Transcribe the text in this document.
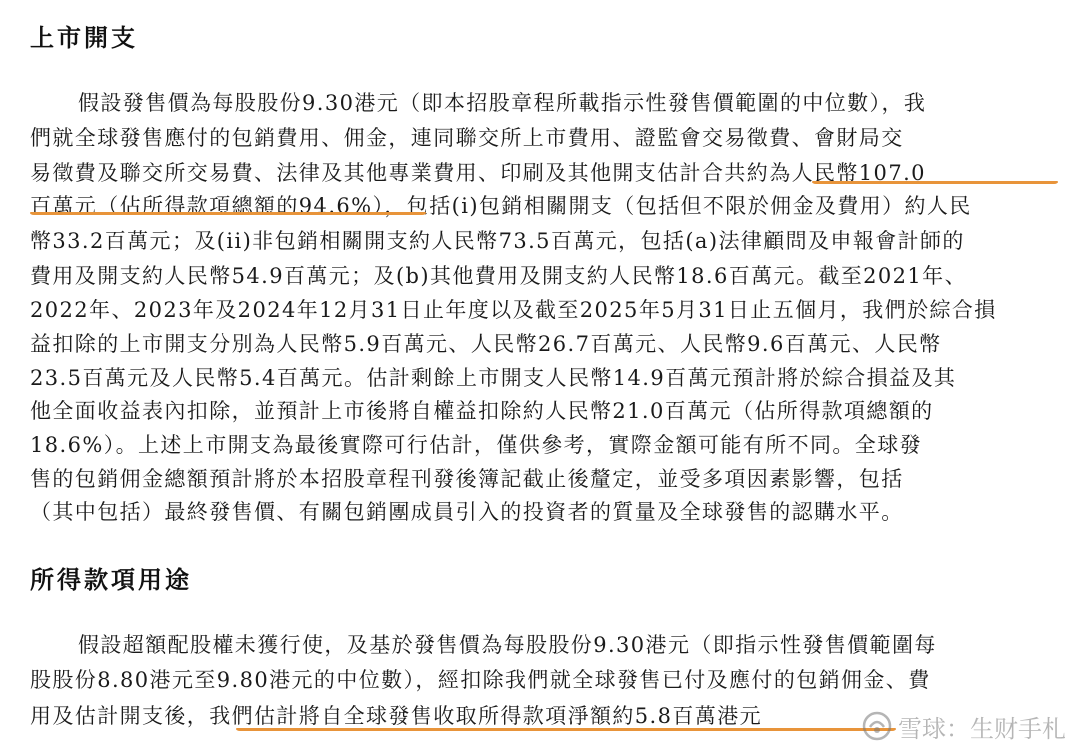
上市開支
假設發售價為每股股份9.30港元（即本招股章程所載指示性發售價範圍的中位數），我
們就全球發售應付的包銷費用、佣金，連同聯交所上市費用、證監會交易徵費、會財局交
易徵費及聯交所交易費、法律及其他專業費用、印刷及其他開支估計合共約為人民幣107.0
百萬元（佔所得款項總額的94.6%），包括(i)包銷相關開支（包括但不限於佣金及費用）約人民
幣33.2百萬元；及(ii)非包銷相關開支約人民幣73.5百萬元，包括(a)法律顧問及申報會計師的
費用及開支約人民幣54.9百萬元；及(b)其他費用及開支約人民幣18.6百萬元。截至2021年、
2022年、2023年及2024年12月31日止年度以及截至2025年5月31日止五個月，我們於綜合損
益扣除的上市開支分別為人民幣5.9百萬元、人民幣26.7百萬元、人民幣9.6百萬元、人民幣
23.5百萬元及人民幣5.4百萬元。估計剩餘上市開支人民幣14.9百萬元預計將於綜合損益及其
他全面收益表內扣除，並預計上市後將自權益扣除約人民幣21.0百萬元（佔所得款項總額的
18.6%）。上述上市開支為最後實際可行估計，僅供參考，實際金額可能有所不同。全球發
售的包銷佣金總額預計將於本招股章程刊發後簿記截止後釐定，並受多項因素影響，包括
（其中包括）最終發售價、有關包銷團成員引入的投資者的質量及全球發售的認購水平。
所得款項用途
假設超額配股權未獲行使，及基於發售價為每股股份9.30港元（即指示性發售價範圍每
股股份8.80港元至9.80港元的中位數），經扣除我們就全球發售已付及應付的包銷佣金、費
用及估計開支後，我們估計將自全球發售收取所得款項淨額約5.8百萬港元	雪球：生财手札
